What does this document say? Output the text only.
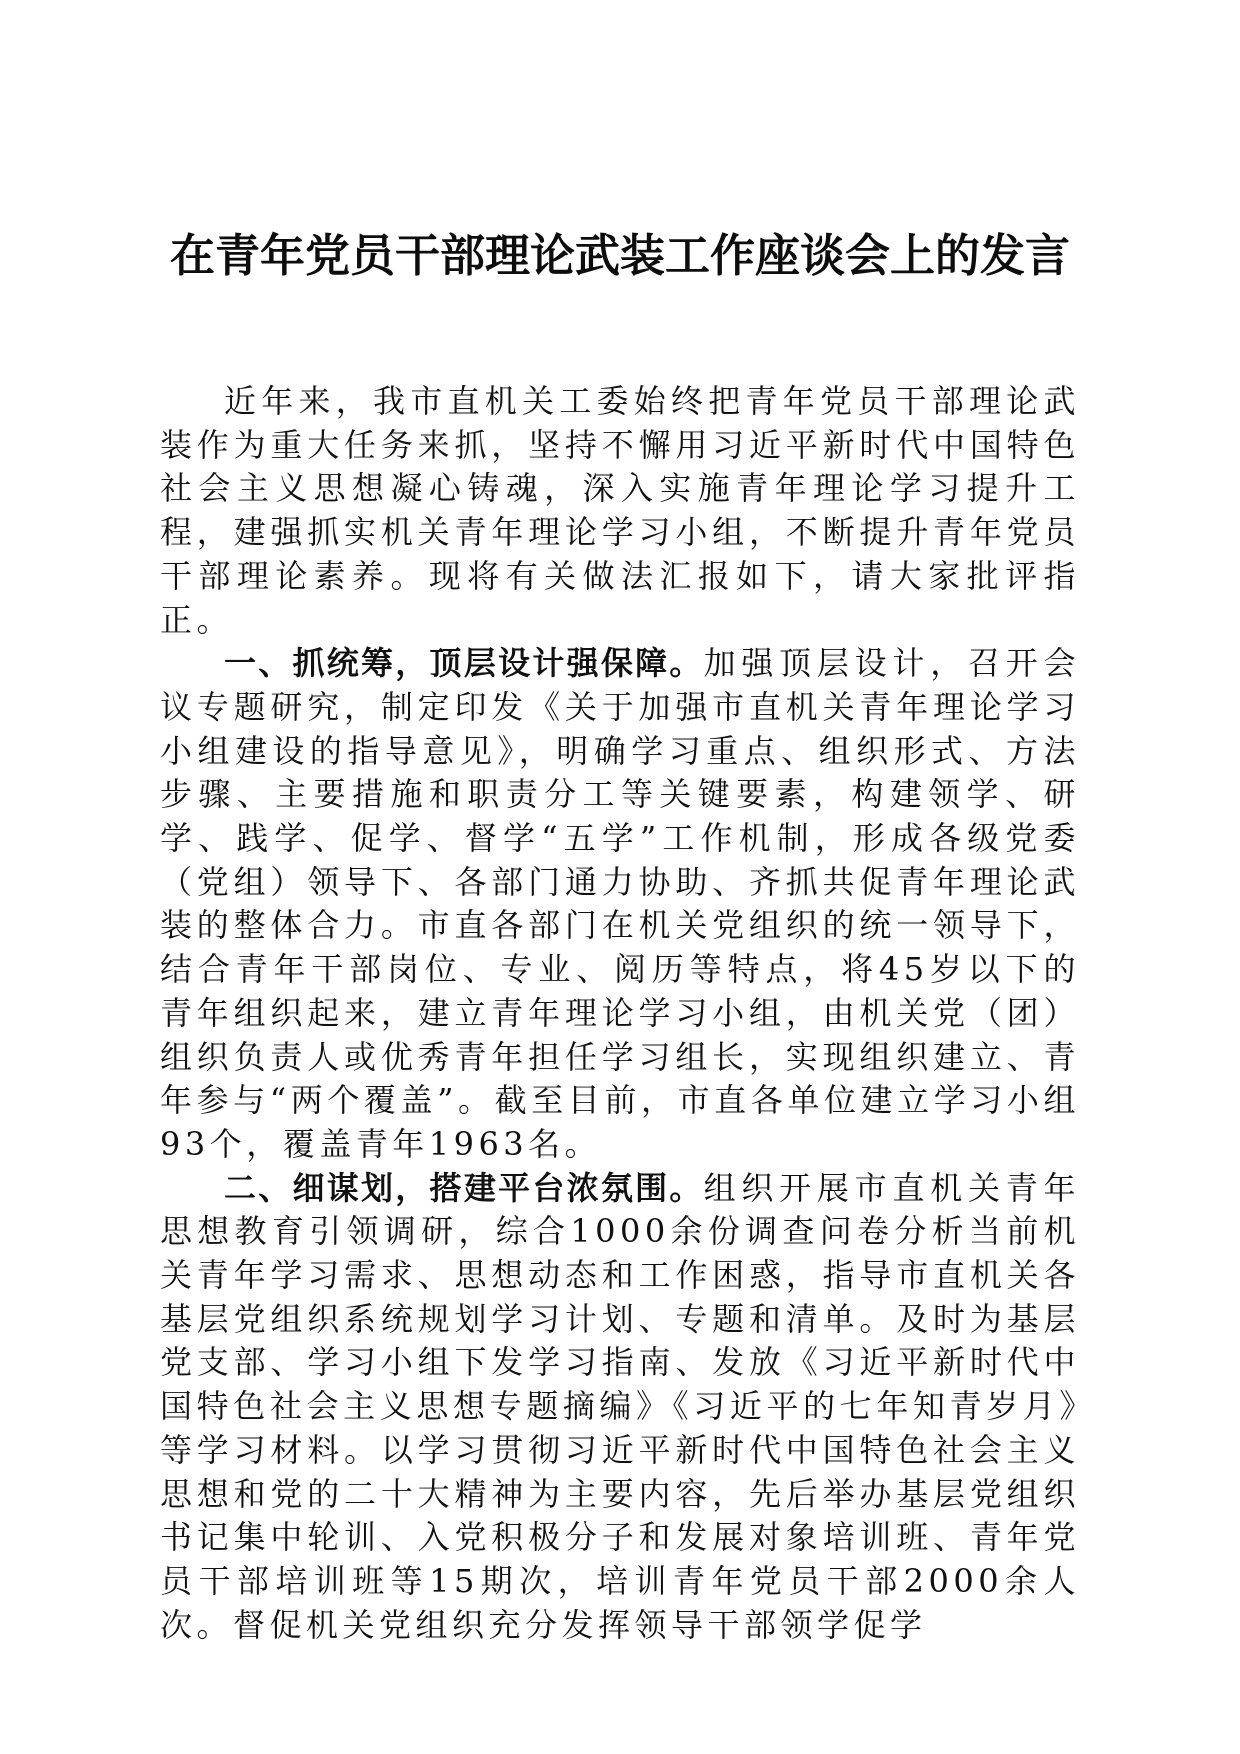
在青年党员干部理论武装工作座谈会上的发言

近年来，我市直机关工委始终把青年党员干部理论武装作为重大任务来抓，坚持不懈用习近平新时代中国特色社会主义思想凝心铸魂，深入实施青年理论学习提升工程，建强抓实机关青年理论学习小组，不断提升青年党员干部理论素养。现将有关做法汇报如下，请大家批评指正。

一、抓统筹，顶层设计强保障。加强顶层设计，召开会议专题研究，制定印发《关于加强市直机关青年理论学习小组建设的指导意见》，明确学习重点、组织形式、方法步骤、主要措施和职责分工等关键要素，构建领学、研学、践学、促学、督学“五学”工作机制，形成各级党委（党组）领导下、各部门通力协助、齐抓共促青年理论武装的整体合力。市直各部门在机关党组织的统一领导下，结合青年干部岗位、专业、阅历等特点，将45岁以下的青年组织起来，建立青年理论学习小组，由机关党（团）组织负责人或优秀青年担任学习组长，实现组织建立、青年参与“两个覆盖”。截至目前，市直各单位建立学习小组93个，覆盖青年1963名。

二、细谋划，搭建平台浓氛围。组织开展市直机关青年思想教育引领调研，综合1000余份调查问卷分析当前机关青年学习需求、思想动态和工作困惑，指导市直机关各基层党组织系统规划学习计划、专题和清单。及时为基层党支部、学习小组下发学习指南、发放《习近平新时代中国特色社会主义思想专题摘编》《习近平的七年知青岁月》等学习材料。以学习贯彻习近平新时代中国特色社会主义思想和党的二十大精神为主要内容，先后举办基层党组织书记集中轮训、入党积极分子和发展对象培训班、青年党员干部培训班等15期次，培训青年党员干部2000余人次。督促机关党组织充分发挥领导干部领学促学
